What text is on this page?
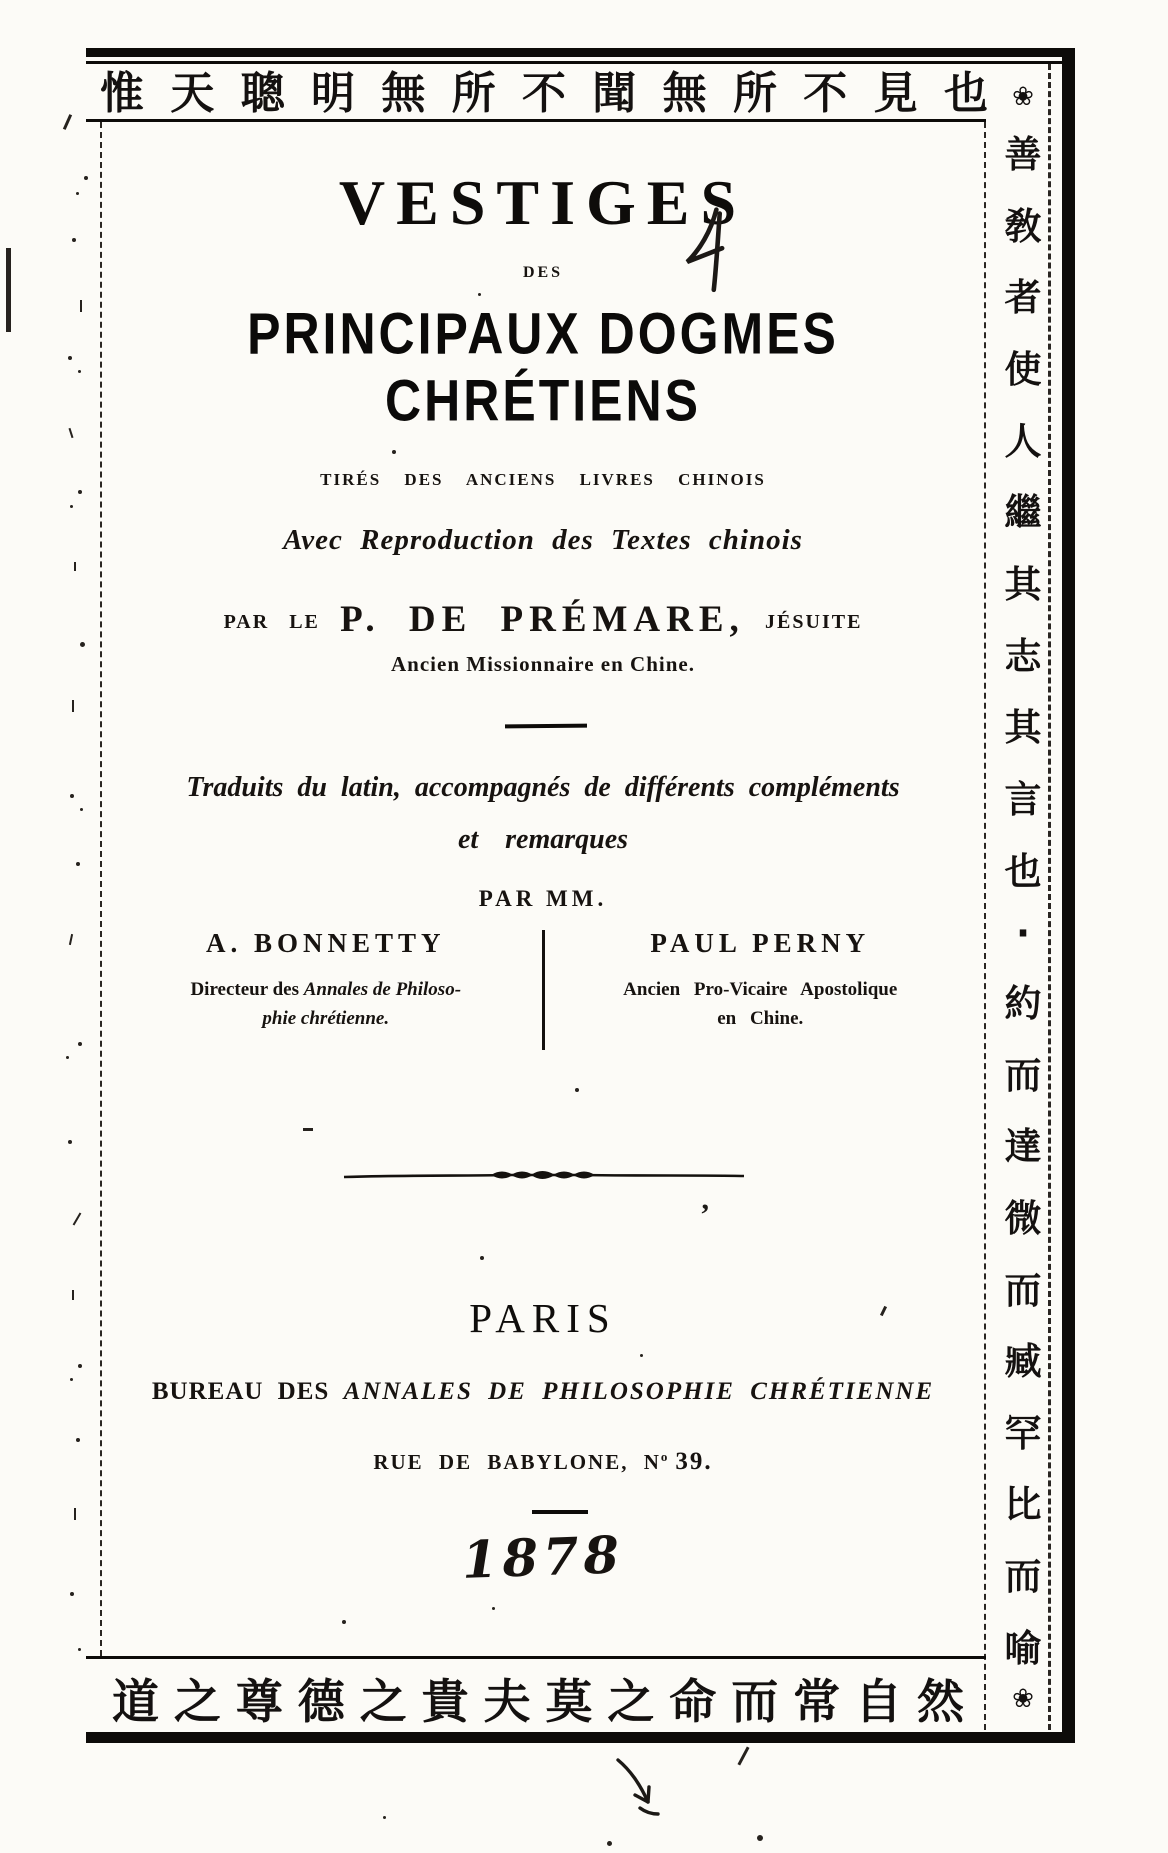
惟 天 聰 明 無 所 不 聞 無 所 不 見 也 ❀
善
敎
者
使
人
繼
其
志
其
言
也
·
約
而
達
微
而
臧
罕
比
而
喻
❀
道 之 尊 德 之 貴 夫 莫 之 命 而 常 自 然
VESTIGES
DES
PRINCIPAUX DOGMES CHRÉTIENS
TIRÉS DES ANCIENS LIVRES CHINOIS
Avec Reproduction des Textes chinois
PAR LE P. DE PRÉMARE, JÉSUITE
Ancien Missionnaire en Chine.
Traduits du latin, accompagnés de différents compléments
et remarques
PAR MM.
A. BONNETTY
Directeur des Annales de Philoso-
phie chrétienne.
PAUL PERNY
Ancien Pro-Vicaire Apostolique
en Chine.
’
PARIS
BUREAU DES ANNALES DE PHILOSOPHIE CHRÉTIENNE
RUE DE BABYLONE, $N^o$ 39.
1878
